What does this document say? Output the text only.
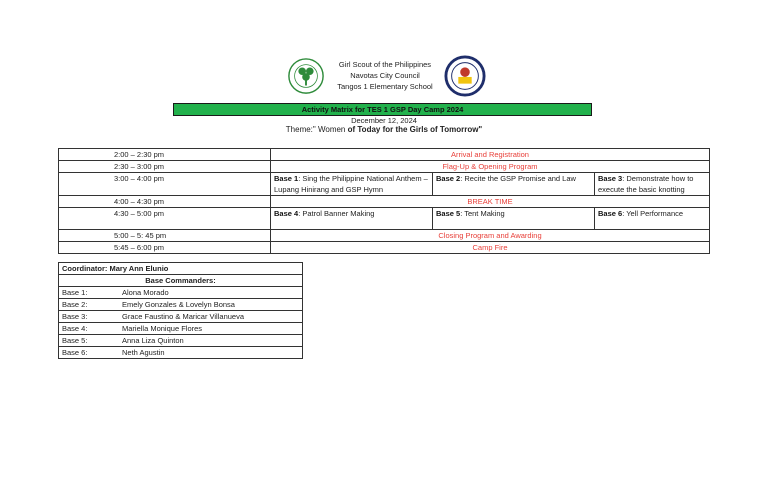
Girl Scout of the Philippines
Navotas City Council
Tangos 1 Elementary School
Activity Matrix for TES 1 GSP Day Camp 2024
December 12, 2024
Theme:" Women of Today for the Girls of Tomorrow"
2:00 – 2:30 pm	Arrival and Registration		
2:30 – 3:00 pm	Flag-Up & Opening Program		
3:00 – 4:00 pm	Base 1: Sing the Philippine National Anthem – Lupang Hinirang and GSP Hymn	Base 2: Recite the GSP Promise and Law	Base 3: Demonstrate how to execute the basic knotting
4:00 – 4:30 pm	BREAK TIME		
4:30 – 5:00 pm	Base 4: Patrol Banner Making	Base 5: Tent Making	Base 6: Yell Performance
5:00 – 5: 45 pm	Closing Program and Awarding		
5:45 – 6:00 pm	Camp Fire		
Coordinator: Mary Ann Elunio
Base Commanders:
Base 1:	Alona Morado
Base 2:	Emely Gonzales & Lovelyn Bonsa
Base 3:	Grace Faustino & Maricar Villanueva
Base 4:	Mariella Monique Flores
Base 5:	Anna Liza Quinton
Base 6:	Neth Agustin
